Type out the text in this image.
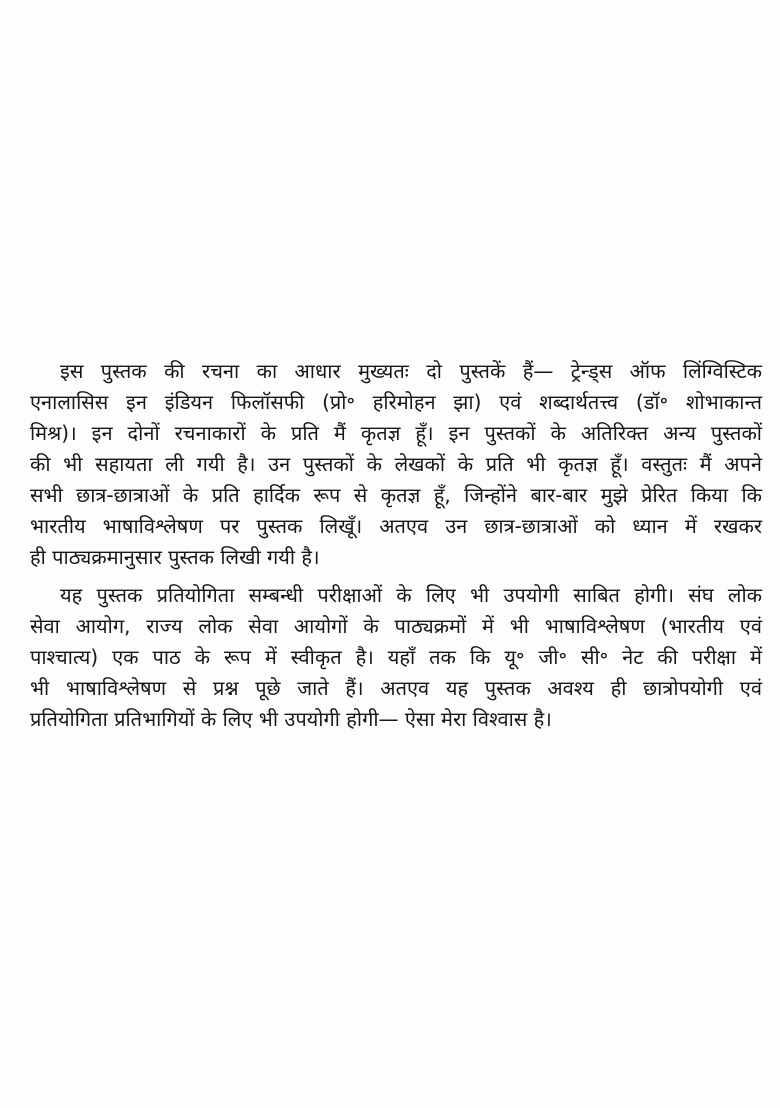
इस पुस्तक की रचना का आधार मुख्यतः दो पुस्तकें हैं— ट्रेन्ड्स ऑफ लिंग्विस्टिक
एनालासिस इन इंडियन फिलॉसफी (प्रो॰ हरिमोहन झा) एवं शब्दार्थतत्त्व (डॉ॰ शोभाकान्त
मिश्र)। इन दोनों रचनाकारों के प्रति मैं कृतज्ञ हूँ। इन पुस्तकों के अतिरिक्त अन्य पुस्तकों
की भी सहायता ली गयी है। उन पुस्तकों के लेखकों के प्रति भी कृतज्ञ हूँ। वस्तुतः मैं अपने
सभी छात्र-छात्राओं के प्रति हार्दिक रूप से कृतज्ञ हूँ, जिन्होंने बार-बार मुझे प्रेरित किया कि
भारतीय भाषाविश्लेषण पर पुस्तक लिखूँ। अतएव उन छात्र-छात्राओं को ध्यान में रखकर
ही पाठ्यक्रमानुसार पुस्तक लिखी गयी है।
यह पुस्तक प्रतियोगिता सम्बन्धी परीक्षाओं के लिए भी उपयोगी साबित होगी। संघ लोक
सेवा आयोग, राज्य लोक सेवा आयोगों के पाठ्यक्रमों में भी भाषाविश्लेषण (भारतीय एवं
पाश्चात्य) एक पाठ के रूप में स्वीकृत है। यहाँ तक कि यू॰ जी॰ सी॰ नेट की परीक्षा में
भी भाषाविश्लेषण से प्रश्न पूछे जाते हैं। अतएव यह पुस्तक अवश्य ही छात्रोपयोगी एवं
प्रतियोगिता प्रतिभागियों के लिए भी उपयोगी होगी— ऐसा मेरा विश्वास है।
